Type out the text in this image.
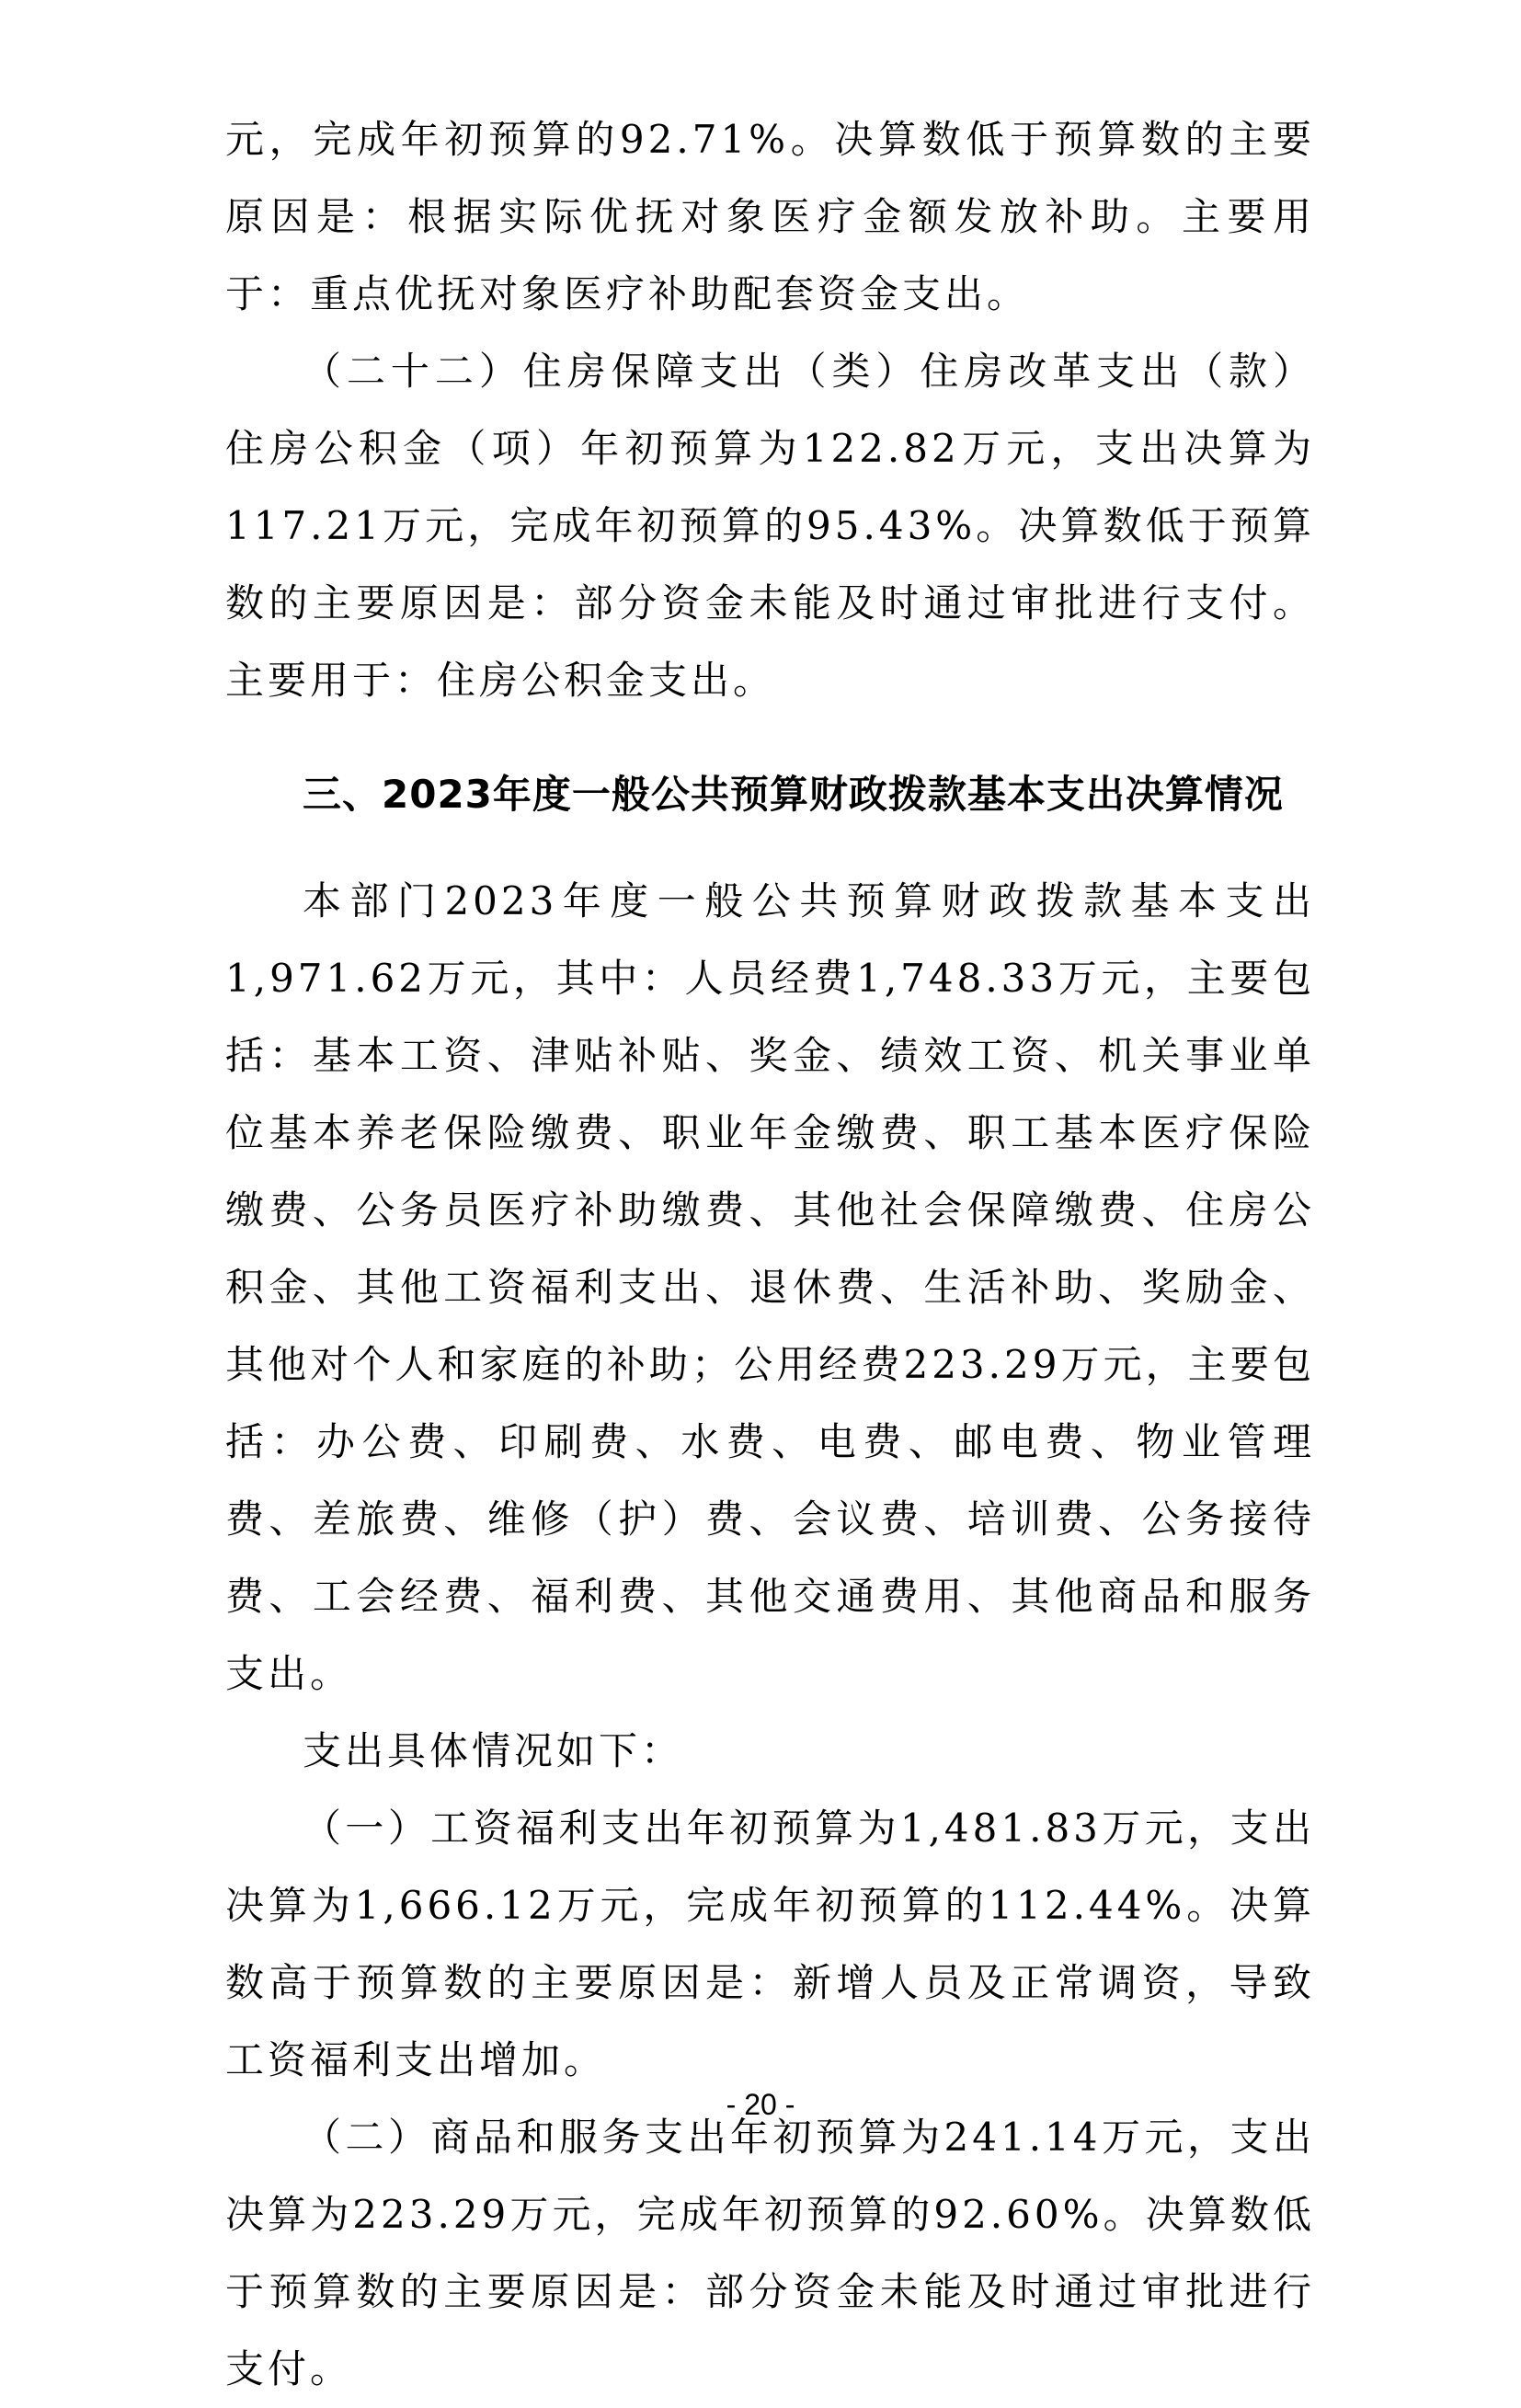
元，完成年初预算的92.71%。决算数低于预算数的主要原因是：根据实际优抚对象医疗金额发放补助。主要用于：重点优抚对象医疗补助配套资金支出。

（二十二）住房保障支出（类）住房改革支出（款）住房公积金（项）年初预算为122.82万元，支出决算为117.21万元，完成年初预算的95.43%。决算数低于预算数的主要原因是：部分资金未能及时通过审批进行支付。主要用于：住房公积金支出。

三、2023年度一般公共预算财政拨款基本支出决算情况

本部门2023年度一般公共预算财政拨款基本支出1,971.62万元，其中：人员经费1,748.33万元，主要包括：基本工资、津贴补贴、奖金、绩效工资、机关事业单位基本养老保险缴费、职业年金缴费、职工基本医疗保险缴费、公务员医疗补助缴费、其他社会保障缴费、住房公积金、其他工资福利支出、退休费、生活补助、奖励金、其他对个人和家庭的补助；公用经费223.29万元，主要包括：办公费、印刷费、水费、电费、邮电费、物业管理费、差旅费、维修（护）费、会议费、培训费、公务接待费、工会经费、福利费、其他交通费用、其他商品和服务支出。

支出具体情况如下：

（一）工资福利支出年初预算为1,481.83万元，支出决算为1,666.12万元，完成年初预算的112.44%。决算数高于预算数的主要原因是：新增人员及正常调资，导致工资福利支出增加。

（二）商品和服务支出年初预算为241.14万元，支出决算为223.29万元，完成年初预算的92.60%。决算数低于预算数的主要原因是：部分资金未能及时通过审批进行支付。

- 20 -
